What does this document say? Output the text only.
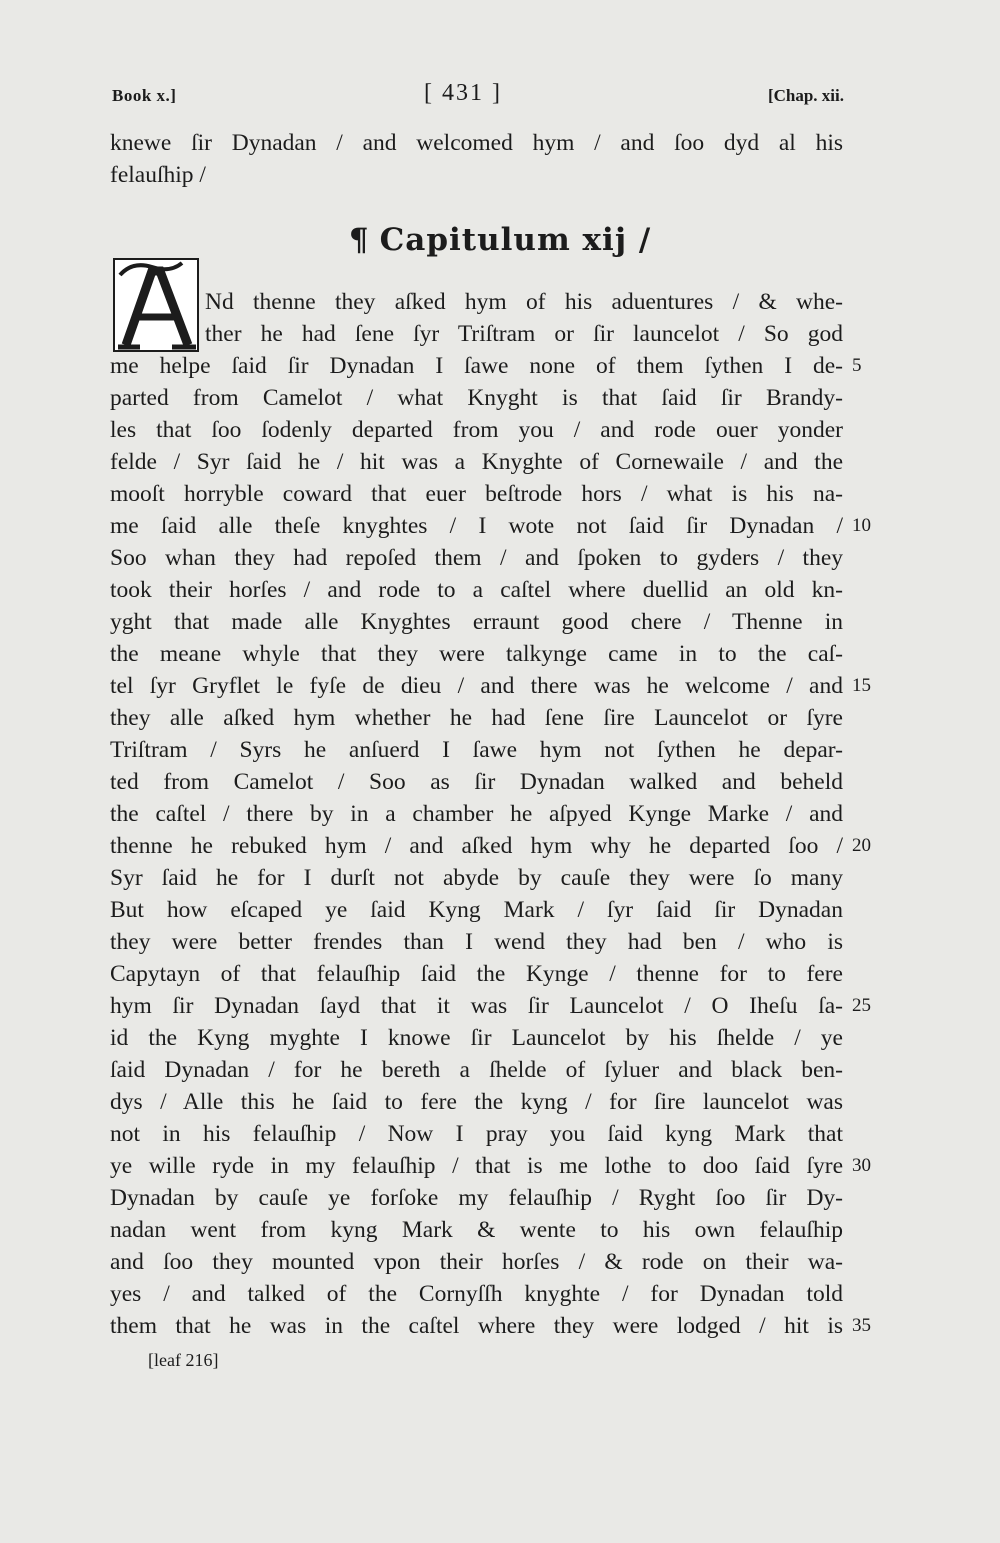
Book x.]	[ 431 ]	[Chap. xii.
¶ Capitulum xij /
A
knewe ſir Dynadan / and welcomed hym / and ſoo dyd al his
felauſhip /
Nd thenne they aſked hym of his aduentures / & whe-
ther he had ſene ſyr Triſtram or ſir launcelot / So god
me helpe ſaid ſir Dynadan I ſawe none of them ſythen I de-
parted from Camelot / what Knyght is that ſaid ſir Brandy-
les that ſoo ſodenly departed from you / and rode ouer yonder
felde / Syr ſaid he / hit was a Knyghte of Cornewaile / and the
mooſt horryble coward that euer beſtrode hors / what is his na-
me ſaid alle theſe knyghtes / I wote not ſaid ſir Dynadan /
Soo whan they had repoſed them / and ſpoken to gyders / they
took their horſes / and rode to a caſtel where duellid an old kn-
yght that made alle Knyghtes erraunt good chere / Thenne in
the meane whyle that they were talkynge came in to the caſ-
tel ſyr Gryflet le fyſe de dieu / and there was he welcome / and
they alle aſked hym whether he had ſene ſire Launcelot or ſyre
Triſtram / Syrs he anſuerd I ſawe hym not ſythen he depar-
ted from Camelot / Soo as ſir Dynadan walked and beheld
the caſtel / there by in a chamber he aſpyed Kynge Marke / and
thenne he rebuked hym / and aſked hym why he departed ſoo /
Syr ſaid he for I durſt not abyde by cauſe they were ſo many
But how eſcaped ye ſaid Kyng Mark / ſyr ſaid ſir Dynadan
they were better frendes than I wend they had ben / who is
Capytayn of that felauſhip ſaid the Kynge / thenne for to fere
hym ſir Dynadan ſayd that it was ſir Launcelot / O Iheſu ſa-
id the Kyng myghte I knowe ſir Launcelot by his ſhelde / ye
ſaid Dynadan / for he bereth a ſhelde of ſyluer and black ben-
dys / Alle this he ſaid to fere the kyng / for ſire launcelot was
not in his felauſhip / Now I pray you ſaid kyng Mark that
ye wille ryde in my felauſhip / that is me lothe to doo ſaid ſyre
Dynadan by cauſe ye forſoke my felauſhip / Ryght ſoo ſir Dy-
nadan went from kyng Mark & wente to his own felauſhip
and ſoo they mounted vpon their horſes / & rode on their wa-
yes / and talked of the Cornyſſh knyghte / for Dynadan told
them that he was in the caſtel where they were lodged / hit is
5
10
15
20
25
30
35
[leaf 216]
